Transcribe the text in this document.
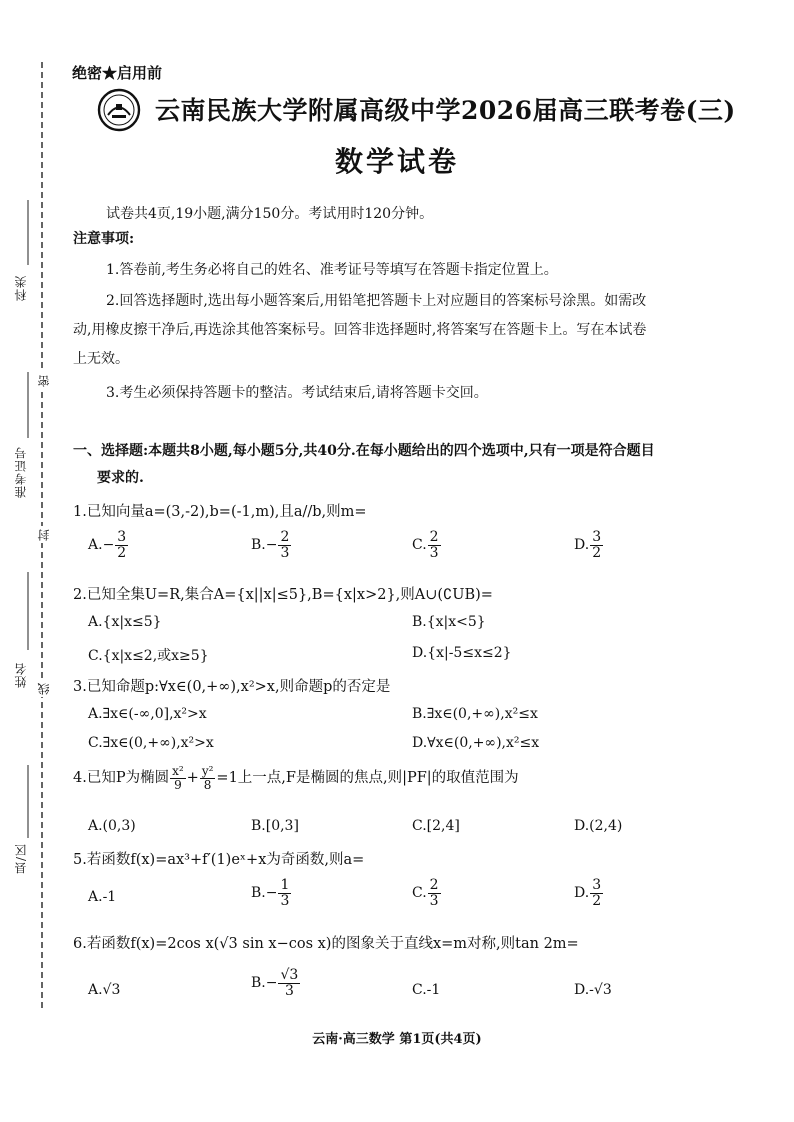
科类
准考证号
姓名
县/区
密
封
线
绝密★启用前
云南民族大学附属高级中学2026届高三联考卷(三)
数学试卷
试卷共4页,19小题,满分150分。考试用时120分钟。
注意事项:
1.答卷前,考生务必将自己的姓名、准考证号等填写在答题卡指定位置上。
2.回答选择题时,选出每小题答案后,用铅笔把答题卡上对应题目的答案标号涂黑。如需改
动,用橡皮擦干净后,再选涂其他答案标号。回答非选择题时,将答案写在答题卡上。写在本试卷
上无效。
3.考生必须保持答题卡的整洁。考试结束后,请将答题卡交回。
一、选择题:本题共8小题,每小题5分,共40分.在每小题给出的四个选项中,只有一项是符合题目
要求的.
1.已知向量a=(3,-2),b=(-1,m),且a//b,则m=
$A.- \frac{3}{2}$	$B.- \frac{2}{3}$	C. $\frac{2}{3}$	D. $\frac{3}{2}$
2.已知全集U=R,集合A={x||x|≤5},B={x|x>2},则A∪(∁UB)=
A.{x|x≤5}	B.{x|x<5}
C.{x|x≤2,或x≥5}	D.{x|-5≤x≤2}
3.已知命题p:∀x∈(0,+∞),x²>x,则命题p的否定是
A.∃x∈(-∞,0],x²>x	B.∃x∈(0,+∞),x²≤x
C.∃x∈(0,+∞),x²>x	D.∀x∈(0,+∞),x²≤x
4.已知P为椭圆 $\frac{\text{x²}}{9} + \frac{\text{y²}}{8} =1$上一点,F是椭圆的焦点,则|PF|的取值范围为
A.(0,3)	B.[0,3]	C.[2,4]	D.(2,4)
5.若函数f(x)=ax³+f′(1)eˣ+x为奇函数,则a=
A.-1	$B.- \frac{1}{3}$	C. $\frac{2}{3}$	D. $\frac{3}{2}$
6.若函数f(x)=2cos x(√3 sin x−cos x)的图象关于直线x=m对称,则tan 2m=
A.√3	$B.- \frac{√3}{3}$	C.-1	D.-√3
云南·高三数学 第1页(共4页)
